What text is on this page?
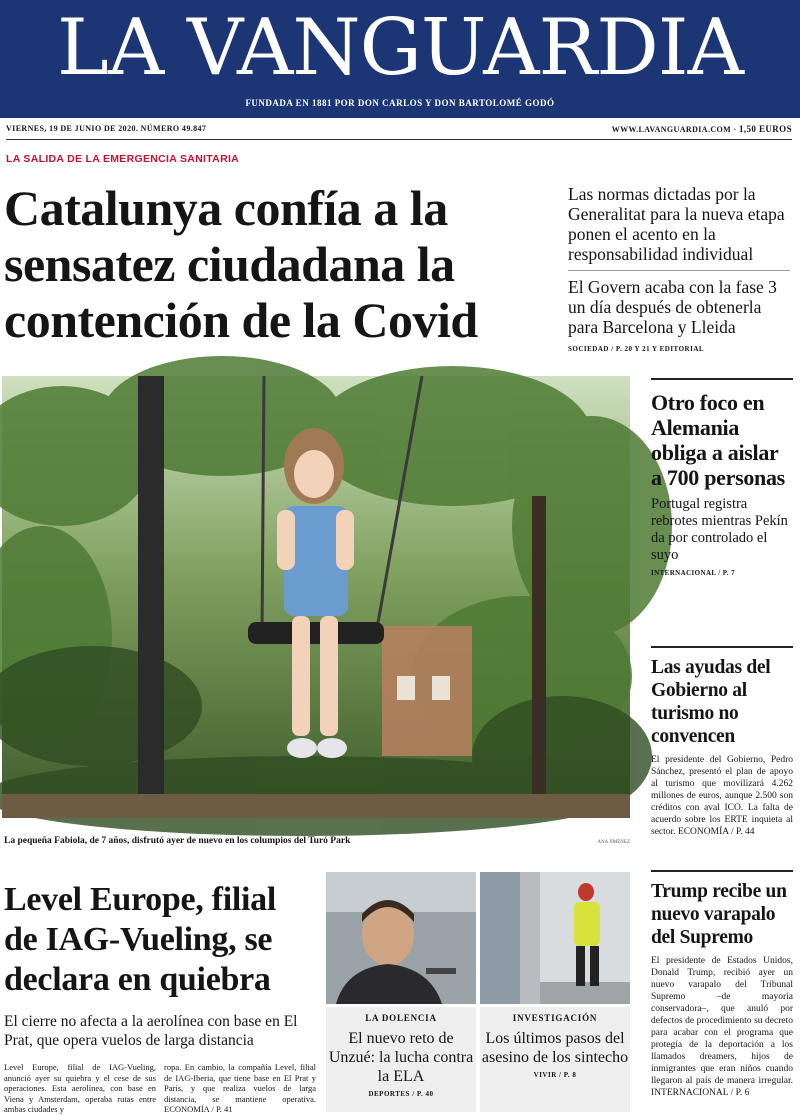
LA VANGUARDIA
FUNDADA EN 1881 POR DON CARLOS Y DON BARTOLOMÉ GODÓ
VIERNES, 19 DE JUNIO DE 2020. NÚMERO 49.847	WWW.LAVANGUARDIA.COM · 1,50 EUROS
LA SALIDA DE LA EMERGENCIA SANITARIA
Catalunya confía a la sensatez ciudadana la contención de la Covid

Las normas dictadas por la Generalitat para la nueva etapa ponen el acento en la responsabilidad individual

El Govern acaba con la fase 3 un día después de obtenerla para Barcelona y Lleida

SOCIEDAD / P. 20 Y 21 Y EDITORIAL

La pequeña Fabiola, de 7 años, disfrutó ayer de nuevo en los columpios del Turó Park	ANA JIMÉNEZ
Otro foco en Alemania obliga a aislar a 700 personas

Portugal registra rebrotes mientras Pekín da por controlado el suyo

INTERNACIONAL / P. 7

Las ayudas del Gobierno al turismo no convencen

El presidente del Gobierno, Pedro Sánchez, presentó el plan de apoyo al turismo que movilizará 4.262 millones de euros, aunque 2.500 son créditos con aval ICO. La falta de acuerdo sobre los ERTE inquieta al sector. ECONOMÍA / P. 44

Trump recibe un nuevo varapalo del Supremo

El presidente de Estados Unidos, Donald Trump, recibió ayer un nuevo varapalo del Tribunal Supremo –de mayoría conservadora–, que anuló por defectos de procedimiento su decreto para acabar con el programa que protegía de la deportación a los llamados dreamers, hijos de inmigrantes que eran niños cuando llegaron al país de manera irregular. INTERNACIONAL / P. 6

Level Europe, filial de IAG-Vueling, se declara en quiebra

El cierre no afecta a la aerolínea con base en El Prat, que opera vuelos de larga distancia

Level Europe, filial de IAG-Vueling, anunció ayer su quiebra y el cese de sus operaciones. Esta aerolínea, con base en Viena y Amsterdam, operaba rutas entre ambas ciudades y

ropa. En cambio, la compañía Level, filial de IAG-Iberia, que tiene base en El Prat y París, y que realiza vuelos de larga distancia, se mantiene operativa. ECONOMÍA / P. 41

LA DOLENCIA

El nuevo reto de Unzué: la lucha contra la ELA

DEPORTES / P. 40

INVESTIGACIÓN

Los últimos pasos del asesino de los sintecho

VIVIR / P. 8
